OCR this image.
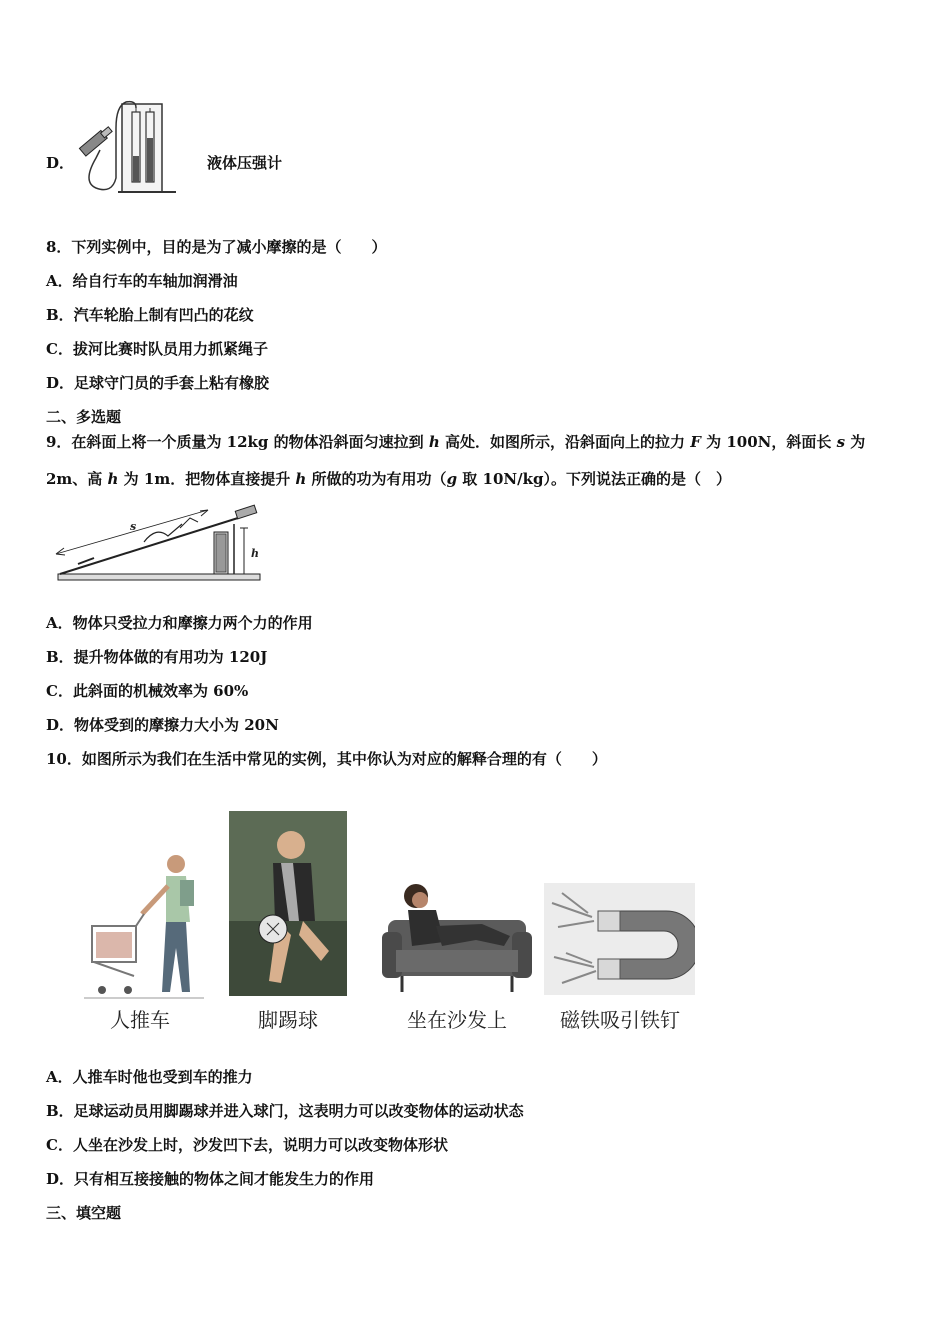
D．	液体压强计
8．下列实例中，目的是为了减小摩擦的是（　　）
A．给自行车的车轴加润滑油
B．汽车轮胎上制有凹凸的花纹
C．拔河比赛时队员用力抓紧绳子
D．足球守门员的手套上粘有橡胶
二、多选题
9．在斜面上将一个质量为 12kg 的物体沿斜面匀速拉到 h 高处．如图所示，沿斜面向上的拉力 F 为 100N，斜面长 s 为
2m、高 h 为 1m．把物体直接提升 h 所做的功为有用功（g 取 10N/kg）。下列说法正确的是（　）
h
s
A．物体只受拉力和摩擦力两个力的作用
B．提升物体做的有用功为 120J
C．此斜面的机械效率为 60%
D．物体受到的摩擦力大小为 20N
10．如图所示为我们在生活中常见的实例，其中你认为对应的解释合理的有（　　）
人推车	脚踢球	坐在沙发上	磁铁吸引铁钉
A．人推车时他也受到车的推力
B．足球运动员用脚踢球并进入球门，这表明力可以改变物体的运动状态
C．人坐在沙发上时，沙发凹下去，说明力可以改变物体形状
D．只有相互接接触的物体之间才能发生力的作用
三、填空题
